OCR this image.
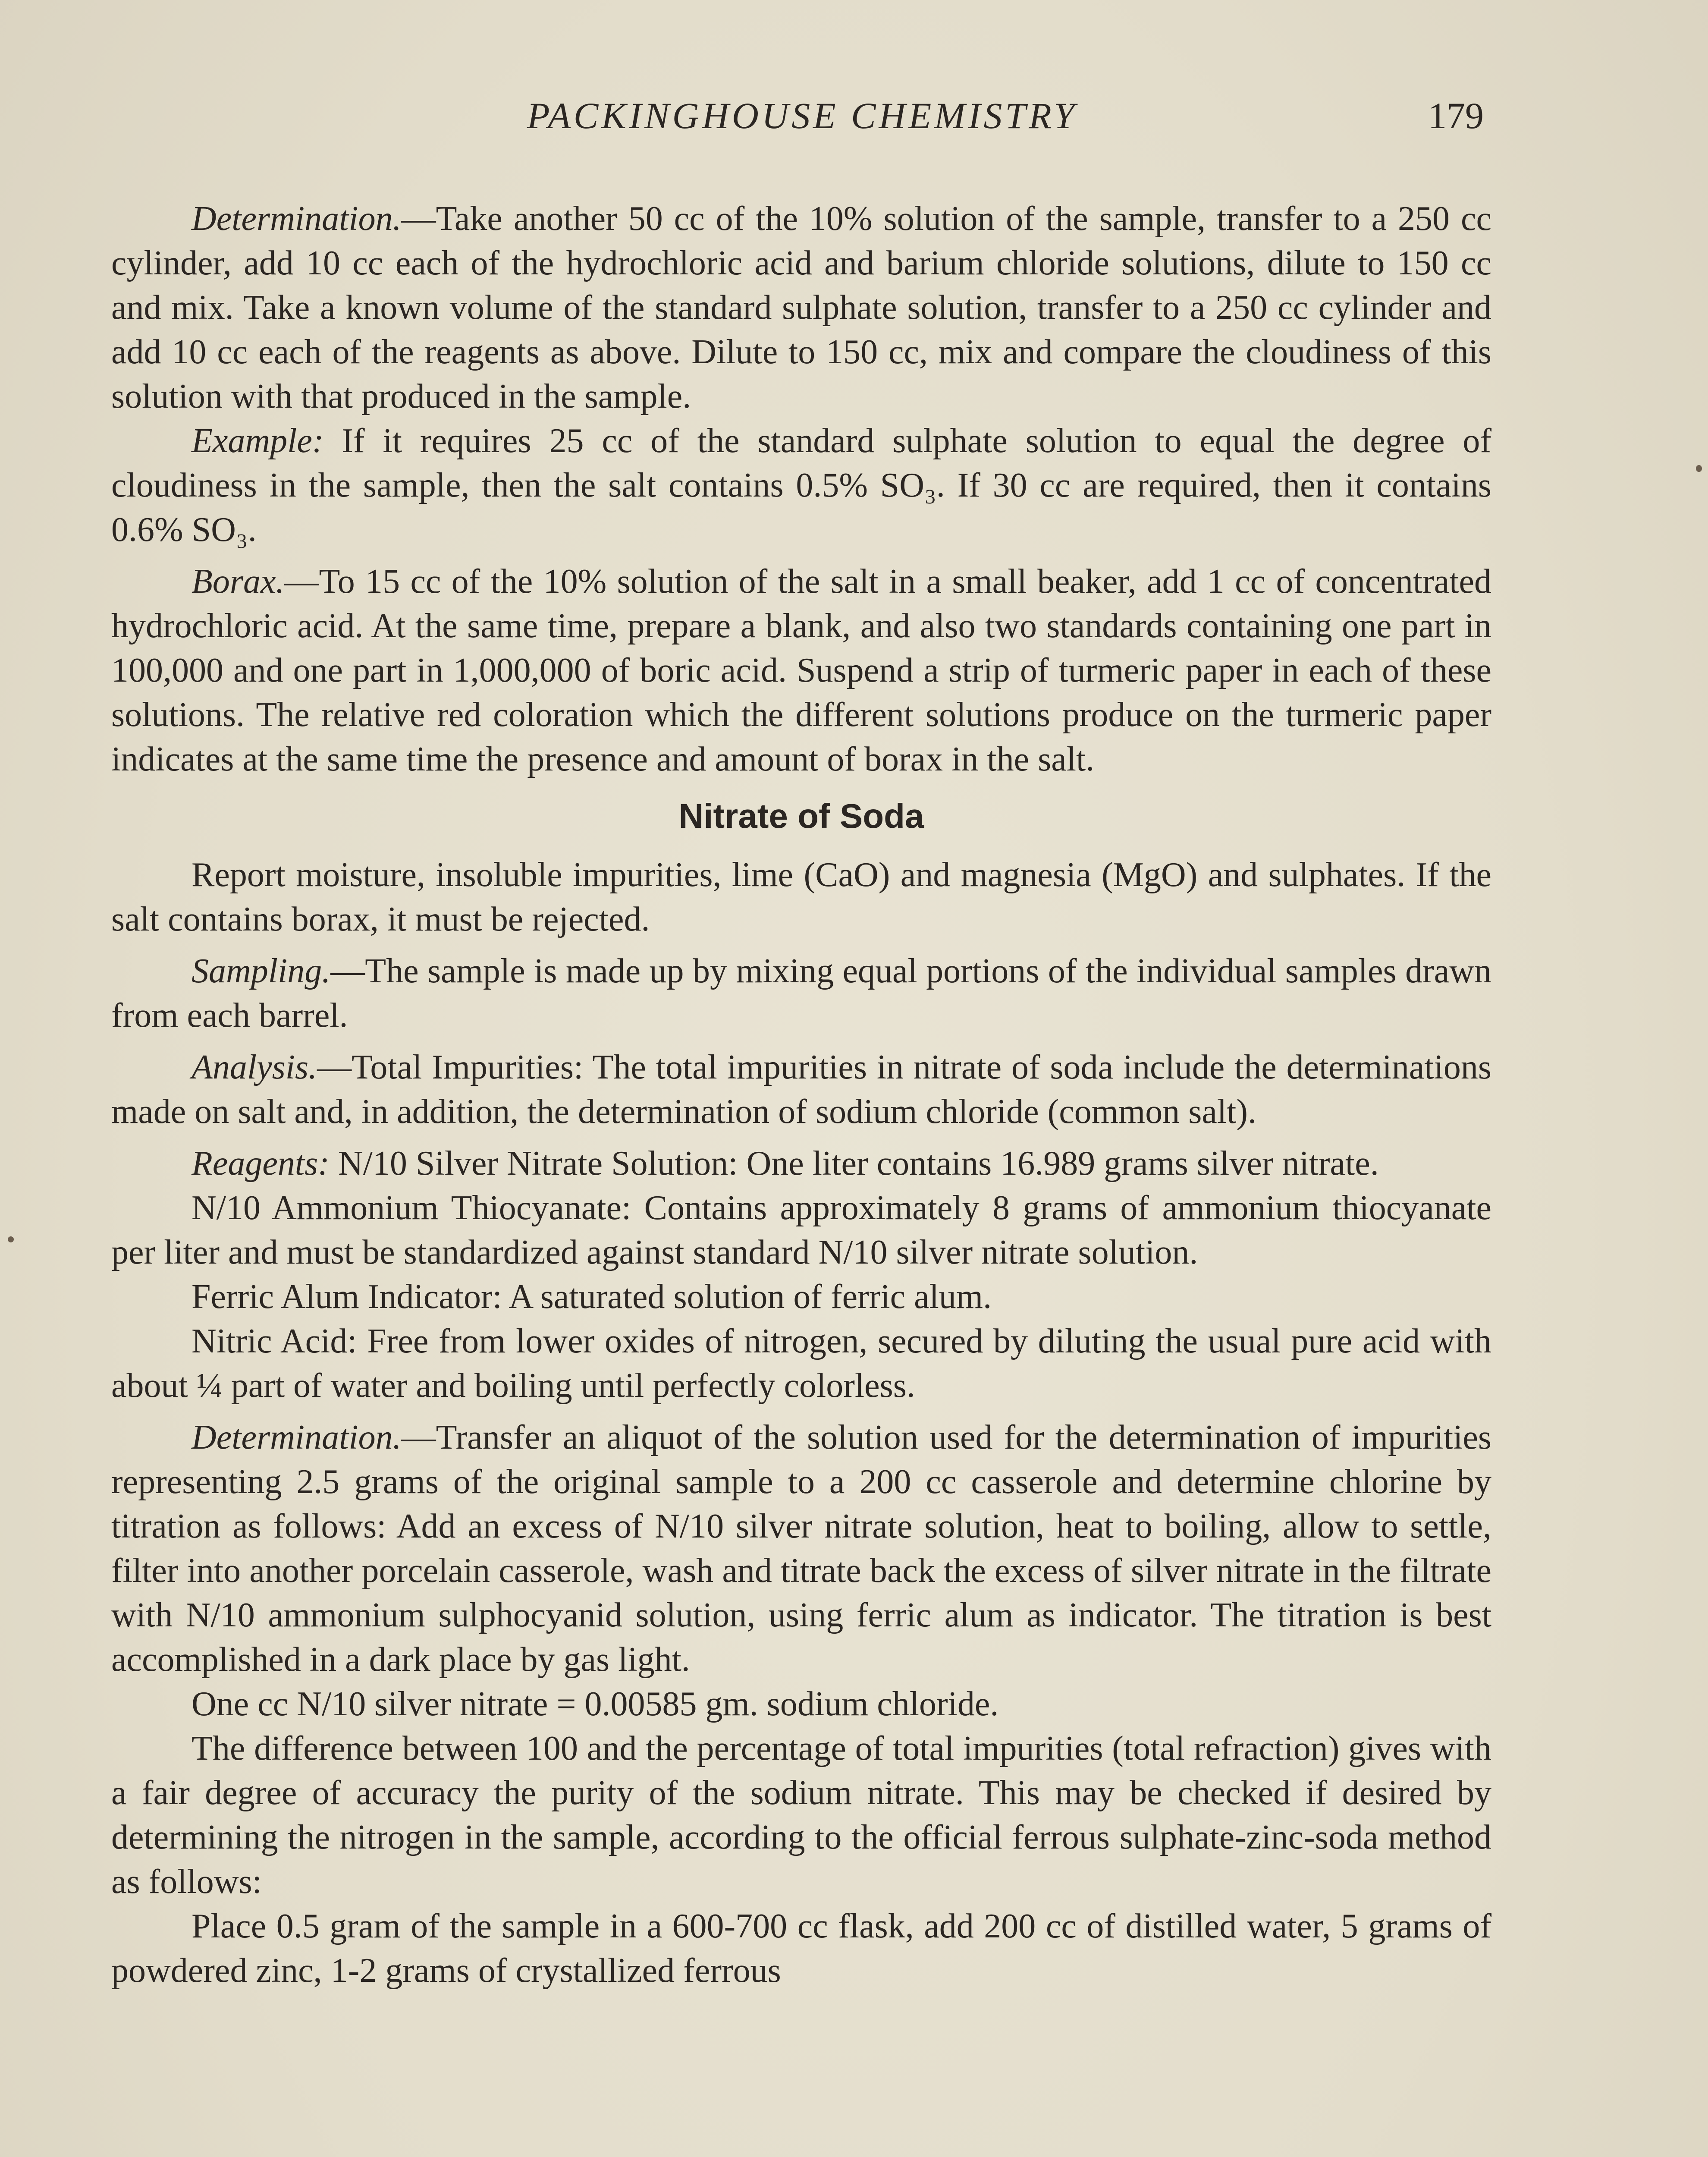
PACKINGHOUSE CHEMISTRY	179

Determination.—Take another 50 cc of the 10% solution of the sample, transfer to a 250 cc cylinder, add 10 cc each of the hydrochloric acid and barium chloride solutions, dilute to 150 cc and mix. Take a known volume of the standard sulphate solution, transfer to a 250 cc cylinder and add 10 cc each of the reagents as above. Dilute to 150 cc, mix and compare the cloudiness of this solution with that produced in the sample.

Example: If it requires 25 cc of the standard sulphate solution to equal the degree of cloudiness in the sample, then the salt contains 0.5% SO₃. If 30 cc are required, then it contains 0.6% SO₃.

Borax.—To 15 cc of the 10% solution of the salt in a small beaker, add 1 cc of concentrated hydrochloric acid. At the same time, prepare a blank, and also two standards containing one part in 100,000 and one part in 1,000,000 of boric acid. Suspend a strip of turmeric paper in each of these solutions. The relative red coloration which the different solutions produce on the turmeric paper indicates at the same time the presence and amount of borax in the salt.

Nitrate of Soda

Report moisture, insoluble impurities, lime (CaO) and magnesia (MgO) and sulphates. If the salt contains borax, it must be rejected.

Sampling.—The sample is made up by mixing equal portions of the individual samples drawn from each barrel.

Analysis.—Total Impurities: The total impurities in nitrate of soda include the determinations made on salt and, in addition, the determination of sodium chloride (common salt).

Reagents: N/10 Silver Nitrate Solution: One liter contains 16.989 grams silver nitrate.

N/10 Ammonium Thiocyanate: Contains approximately 8 grams of ammonium thiocyanate per liter and must be standardized against standard N/10 silver nitrate solution.

Ferric Alum Indicator: A saturated solution of ferric alum.

Nitric Acid: Free from lower oxides of nitrogen, secured by diluting the usual pure acid with about ¼ part of water and boiling until perfectly colorless.

Determination.—Transfer an aliquot of the solution used for the determination of impurities representing 2.5 grams of the original sample to a 200 cc casserole and determine chlorine by titration as follows: Add an excess of N/10 silver nitrate solution, heat to boiling, allow to settle, filter into another porcelain casserole, wash and titrate back the excess of silver nitrate in the filtrate with N/10 ammonium sulphocyanid solution, using ferric alum as indicator. The titration is best accomplished in a dark place by gas light.

One cc N/10 silver nitrate = 0.00585 gm. sodium chloride.

The difference between 100 and the percentage of total impurities (total refraction) gives with a fair degree of accuracy the purity of the sodium nitrate. This may be checked if desired by determining the nitrogen in the sample, according to the official ferrous sulphate-zinc-soda method as follows:

Place 0.5 gram of the sample in a 600-700 cc flask, add 200 cc of distilled water, 5 grams of powdered zinc, 1-2 grams of crystallized ferrous
